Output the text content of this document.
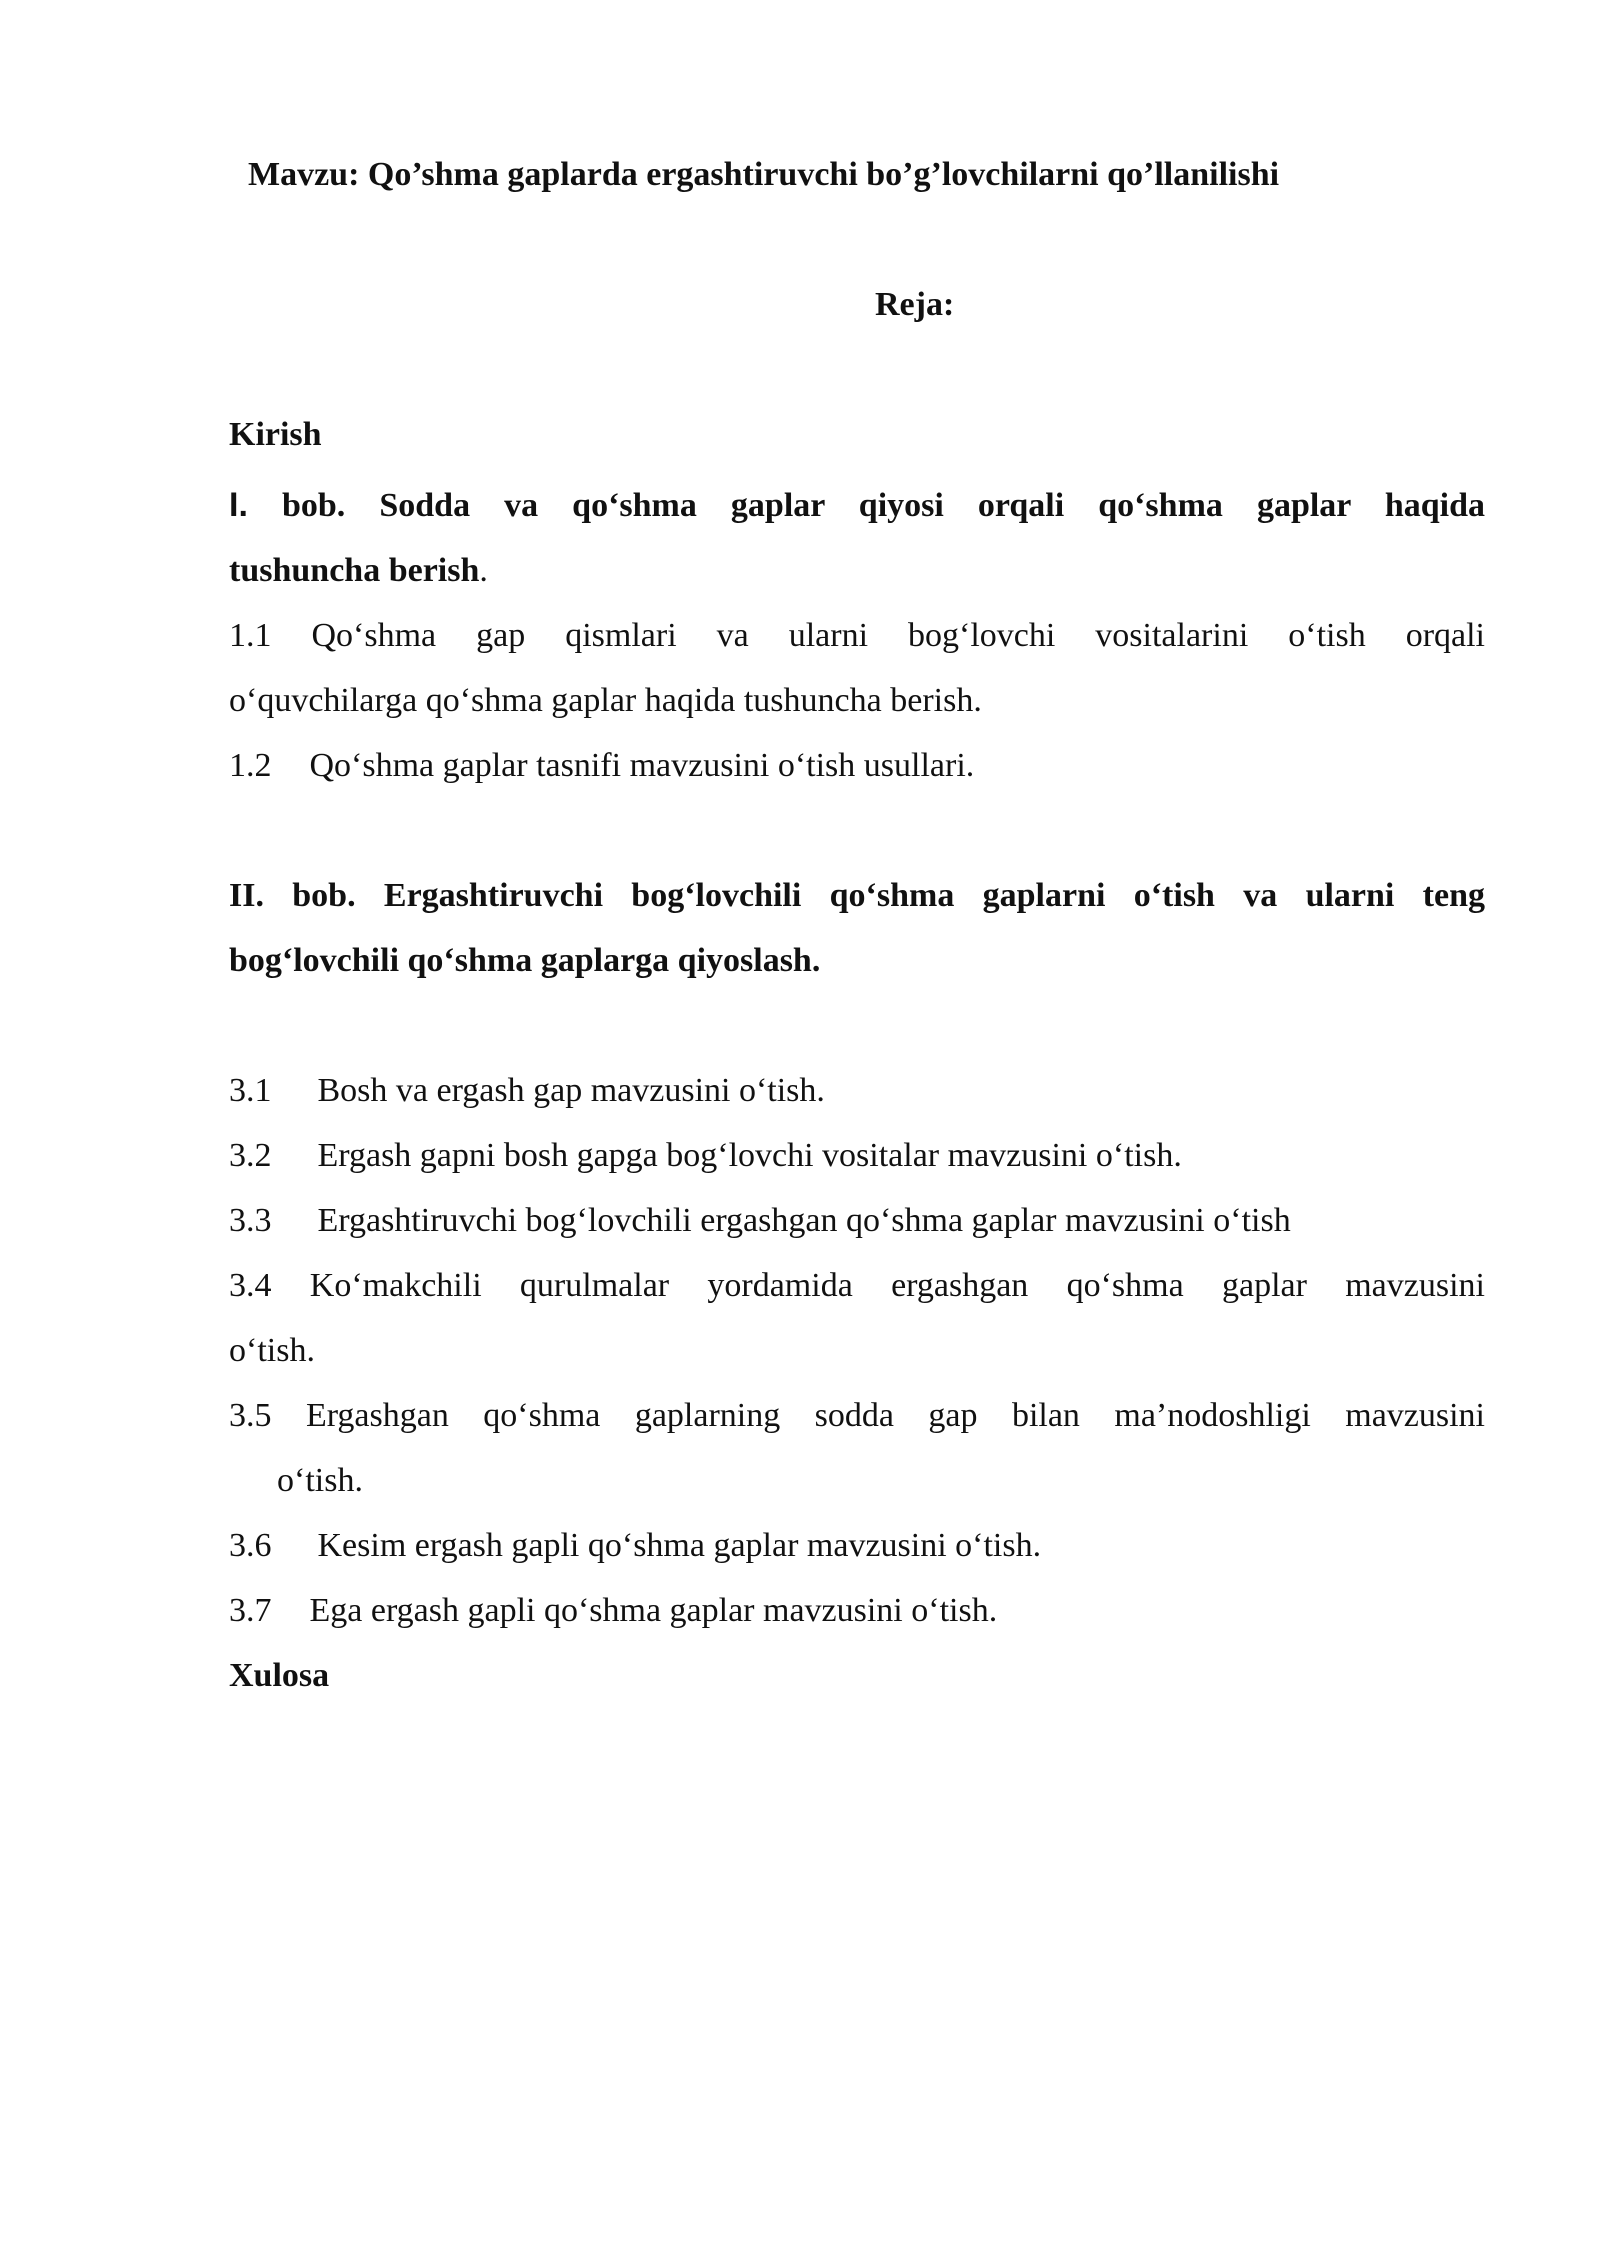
Mavzu: Qo’shma gaplarda ergashtiruvchi bo’g’lovchilarni qo’llanilishi
Reja:
Kirish
I. bob. Sodda va qo‘shma gaplar qiyosi orqali qo‘shma gaplar haqida
tushuncha berish.
1.1 Qo‘shma gap qismlari va ularni bog‘lovchi vositalarini o‘tish orqali
o‘quvchilarga qo‘shma gaplar haqida tushuncha berish.
1.2 Qo‘shma gaplar tasnifi mavzusini o‘tish usullari.
II. bob. Ergashtiruvchi bog‘lovchili qo‘shma gaplarni o‘tish va ularni teng
bog‘lovchili qo‘shma gaplarga qiyoslash.
3.1 Bosh va ergash gap mavzusini o‘tish.
3.2 Ergash gapni bosh gapga bog‘lovchi vositalar mavzusini o‘tish.
3.3 Ergashtiruvchi bog‘lovchili ergashgan qo‘shma gaplar mavzusini o‘tish
3.4 Ko‘makchili qurulmalar yordamida ergashgan qo‘shma gaplar mavzusini
o‘tish.
3.5 Ergashgan qo‘shma gaplarning sodda gap bilan ma’nodoshligi mavzusini
o‘tish.
3.6 Kesim ergash gapli qo‘shma gaplar mavzusini o‘tish.
3.7 Ega ergash gapli qo‘shma gaplar mavzusini o‘tish.
Xulosa
